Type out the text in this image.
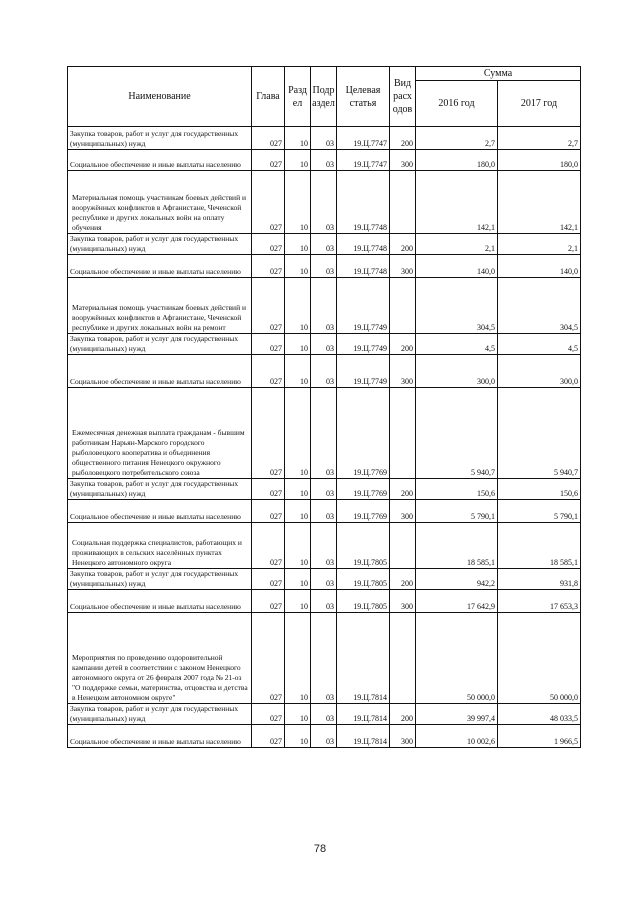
Наименование	Глава	Разд ел	Подр аздел	Целевая статья	Вид расх одов	Сумма	
						2016 год	2017 год
Закупка товаров, работ и услуг для государственных (муниципальных) нужд	027	10	03	19.Ц.7747	200	2,7	2,7
Социальное обеспечение и иные выплаты населению	027	10	03	19.Ц.7747	300	180,0	180,0
Материальная помощь участникам боевых действий и вооружённых конфликтов в Афганистане, Чеченской республике и других локальных войн на оплату обучения	027	10	03	19.Ц.7748		142,1	142,1
Закупка товаров, работ и услуг для государственных (муниципальных) нужд	027	10	03	19.Ц.7748	200	2,1	2,1
Социальное обеспечение и иные выплаты населению	027	10	03	19.Ц.7748	300	140,0	140,0
Материальная помощь участникам боевых действий и вооружённых конфликтов в Афганистане, Чеченской республике и других локальных войн на ремонт	027	10	03	19.Ц.7749		304,5	304,5
Закупка товаров, работ и услуг для государственных (муниципальных) нужд	027	10	03	19.Ц.7749	200	4,5	4,5
Социальное обеспечение и иные выплаты населению	027	10	03	19.Ц.7749	300	300,0	300,0
Ежемесячная денежная выплата гражданам - бывшим работникам Нарьян-Марского городского рыболовецкого кооператива и объединения общественного питания Ненецкого окружного рыболовецкого потребительского союза	027	10	03	19.Ц.7769		5 940,7	5 940,7
Закупка товаров, работ и услуг для государственных (муниципальных) нужд	027	10	03	19.Ц.7769	200	150,6	150,6
Социальное обеспечение и иные выплаты населению	027	10	03	19.Ц.7769	300	5 790,1	5 790,1
Социальная поддержка специалистов, работающих и проживающих в сельских населённых пунктах Ненецкого автономного округа	027	10	03	19.Ц.7805		18 585,1	18 585,1
Закупка товаров, работ и услуг для государственных (муниципальных) нужд	027	10	03	19.Ц.7805	200	942,2	931,8
Социальное обеспечение и иные выплаты населению	027	10	03	19.Ц.7805	300	17 642,9	17 653,3
Мероприятия по проведению оздоровительной кампании детей в соответствии с законом Ненецкого автономного округа от 26 февраля 2007 года № 21-оз "О поддержке семьи, материнства, отцовства и детства в Ненецком автономном округе"	027	10	03	19.Ц.7814		50 000,0	50 000,0
Закупка товаров, работ и услуг для государственных (муниципальных) нужд	027	10	03	19.Ц.7814	200	39 997,4	48 033,5
Социальное обеспечение и иные выплаты населению	027	10	03	19.Ц.7814	300	10 002,6	1 966,5
78
